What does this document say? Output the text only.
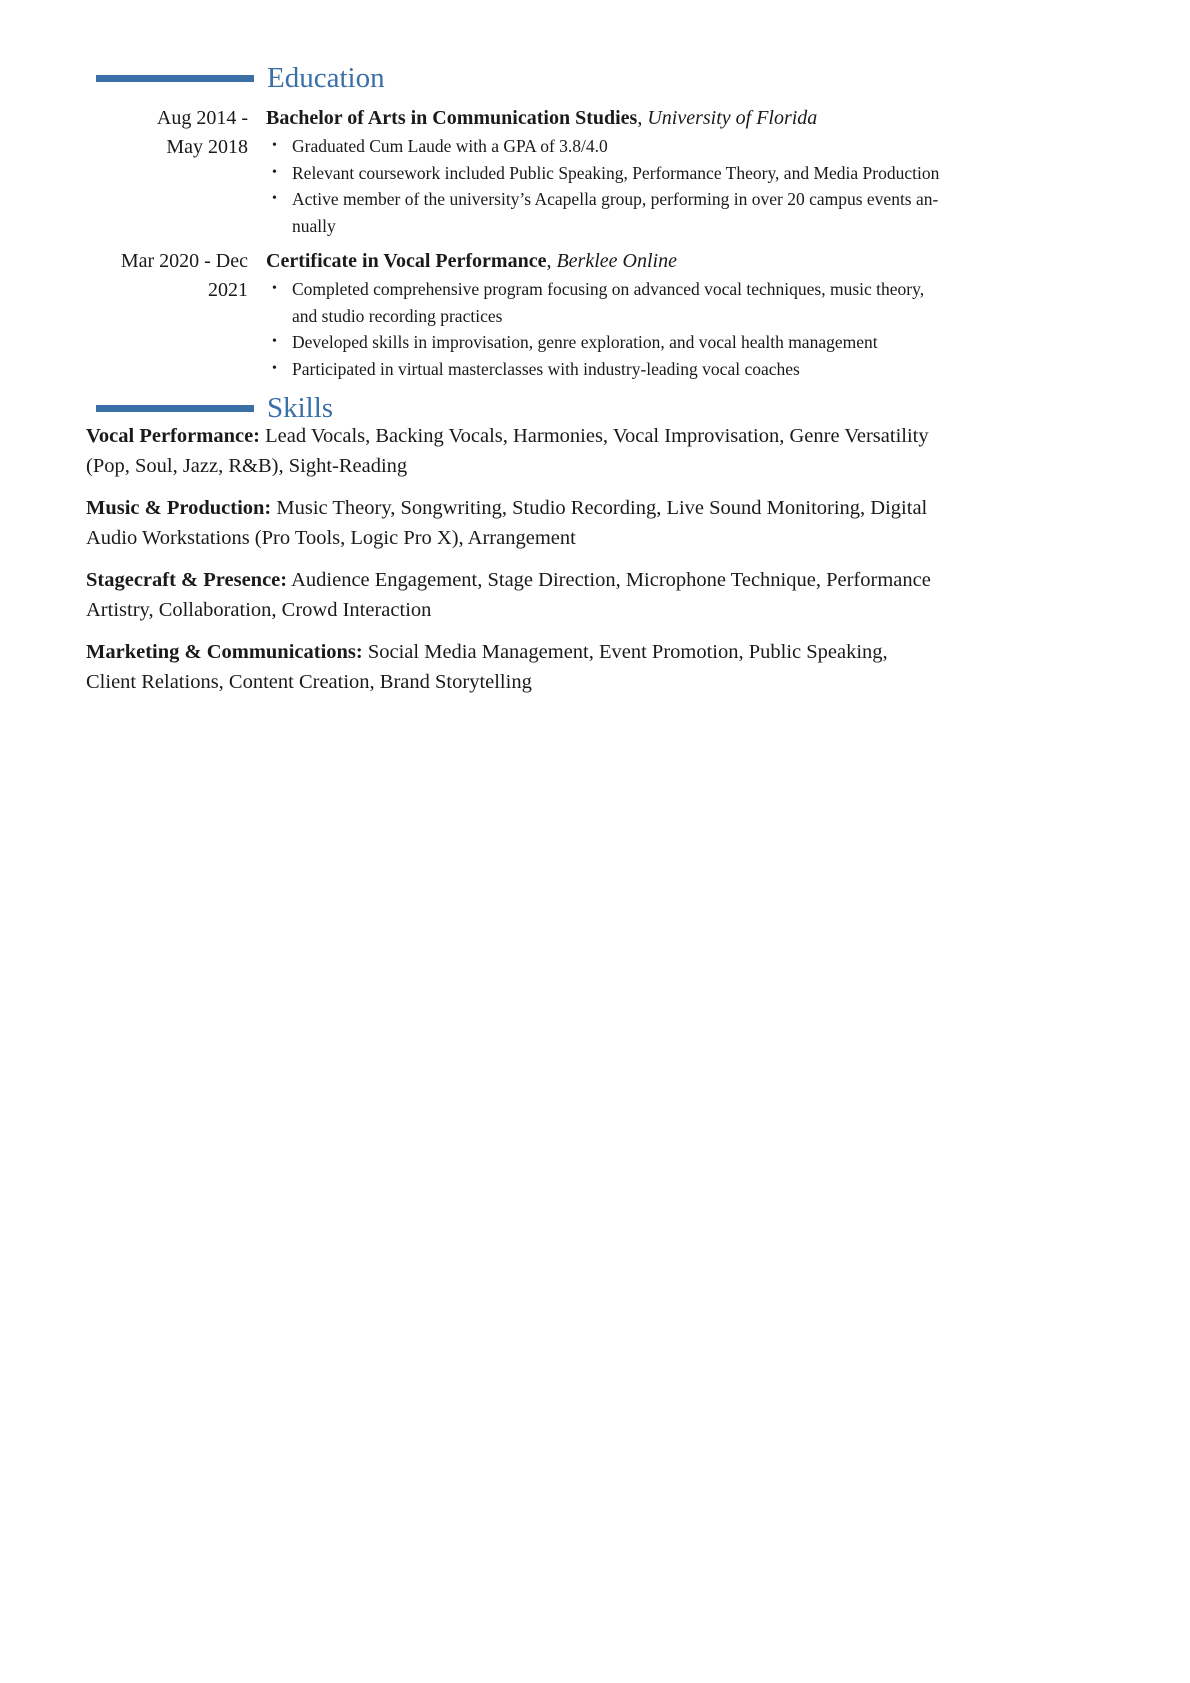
Education
Aug 2014 -
May 2018
Bachelor of Arts in Communication Studies, University of Florida
• Graduated Cum Laude with a GPA of 3.8/4.0
• Relevant coursework included Public Speaking, Performance Theory, and Media Production
• Active member of the university’s Acapella group, performing in over 20 campus events an-
nually
Mar 2020 - Dec
2021
Certificate in Vocal Performance, Berklee Online
• Completed comprehensive program focusing on advanced vocal techniques, music theory,
and studio recording practices
• Developed skills in improvisation, genre exploration, and vocal health management
• Participated in virtual masterclasses with industry-leading vocal coaches
Skills
Vocal Performance: Lead Vocals, Backing Vocals, Harmonies, Vocal Improvisation, Genre Versatility
(Pop, Soul, Jazz, R&B), Sight-Reading
Music & Production: Music Theory, Songwriting, Studio Recording, Live Sound Monitoring, Digital
Audio Workstations (Pro Tools, Logic Pro X), Arrangement
Stagecraft & Presence: Audience Engagement, Stage Direction, Microphone Technique, Performance
Artistry, Collaboration, Crowd Interaction
Marketing & Communications: Social Media Management, Event Promotion, Public Speaking,
Client Relations, Content Creation, Brand Storytelling
